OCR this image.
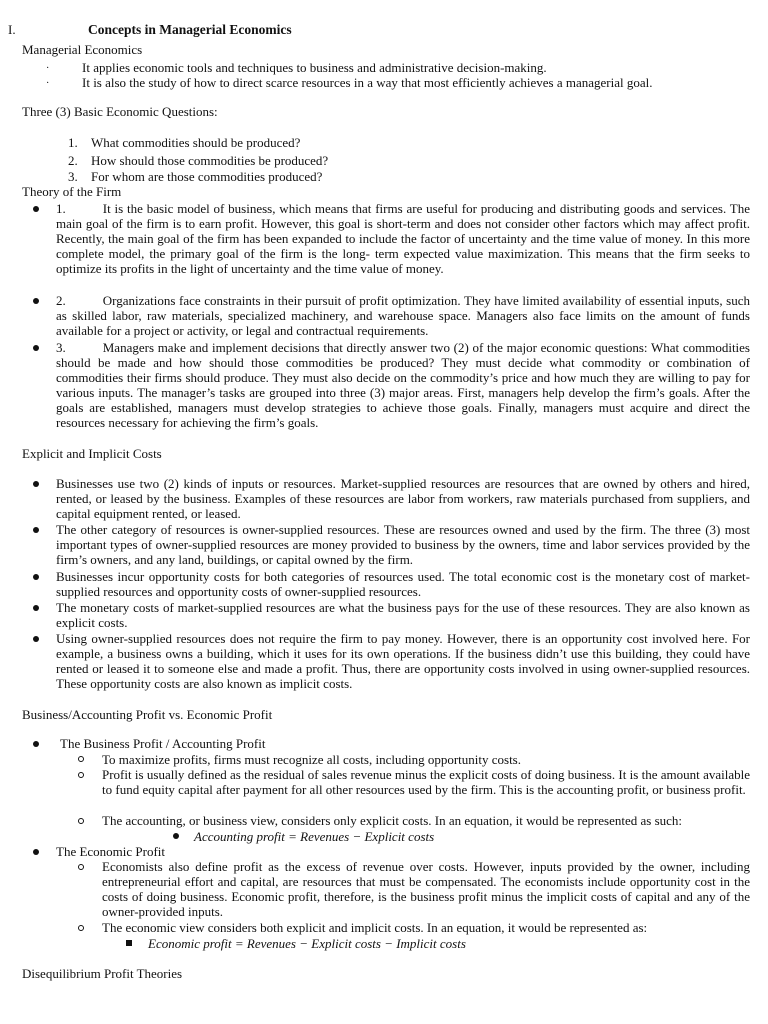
I.	Concepts in Managerial Economics
Managerial Economics
·	It applies economic tools and techniques to business and administrative decision-making.
·	It is also the study of how to direct scarce resources in a way that most efficiently achieves a managerial goal.
Three (3) Basic Economic Questions:
1. What commodities should be produced?
2. How should those commodities be produced?
3. For whom are those commodities produced?
Theory of the Firm

1.	It is the basic model of business, which means that firms are useful for producing and distributing goods and services. The main goal of the firm is to earn profit. However, this goal is short-term and does not consider other factors which may affect profit. Recently, the main goal of the firm has been expanded to include the factor of uncertainty and the time value of money. In this more complete model, the primary goal of the firm is the long- term expected value maximization. This means that the firm seeks to optimize its profits in the light of uncertainty and the time value of money.

2.	Organizations face constraints in their pursuit of profit optimization. They have limited availability of essential inputs, such as skilled labor, raw materials, specialized machinery, and warehouse space. Managers also face limits on the amount of funds available for a project or activity, or legal and contractual requirements.

3.	Managers make and implement decisions that directly answer two (2) of the major economic questions: What commodities should be made and how should those commodities be produced? They must decide what commodity or combination of commodities their firms should produce. They must also decide on the commodity’s price and how much they are willing to pay for various inputs. The manager’s tasks are grouped into three (3) major areas. First, managers help develop the firm’s goals. After the goals are established, managers must develop strategies to achieve those goals. Finally, managers must acquire and direct the resources necessary for achieving the firm’s goals.

Explicit and Implicit Costs

Businesses use two (2) kinds of inputs or resources. Market-supplied resources are resources that are owned by others and hired, rented, or leased by the business. Examples of these resources are labor from workers, raw materials purchased from suppliers, and capital equipment rented, or leased.

The other category of resources is owner-supplied resources. These are resources owned and used by the firm. The three (3) most important types of owner-supplied resources are money provided to business by the owners, time and labor services provided by the firm’s owners, and any land, buildings, or capital owned by the firm.

Businesses incur opportunity costs for both categories of resources used. The total economic cost is the monetary cost of market-supplied resources and opportunity costs of owner-supplied resources.

The monetary costs of market-supplied resources are what the business pays for the use of these resources. They are also known as explicit costs.

Using owner-supplied resources does not require the firm to pay money. However, there is an opportunity cost involved here. For example, a business owns a building, which it uses for its own operations. If the business didn’t use this building, they could have rented or leased it to someone else and made a profit. Thus, there are opportunity costs involved in using owner-supplied resources. These opportunity costs are also known as implicit costs.

Business/Accounting Profit vs. Economic Profit
The Business Profit / Accounting Profit

To maximize profits, firms must recognize all costs, including opportunity costs.

Profit is usually defined as the residual of sales revenue minus the explicit costs of doing business. It is the amount available to fund equity capital after payment for all other resources used by the firm. This is the accounting profit, or business profit.

The accounting, or business view, considers only explicit costs. In an equation, it would be represented as such:

Accounting profit = Revenues − Explicit costs
The Economic Profit

Economists also define profit as the excess of revenue over costs. However, inputs provided by the owner, including entrepreneurial effort and capital, are resources that must be compensated. The economists include opportunity cost in the costs of doing business. Economic profit, therefore, is the business profit minus the implicit costs of capital and any of the owner-provided inputs.

The economic view considers both explicit and implicit costs. In an equation, it would be represented as:

Economic profit = Revenues − Explicit costs − Implicit costs
Disequilibrium Profit Theories
